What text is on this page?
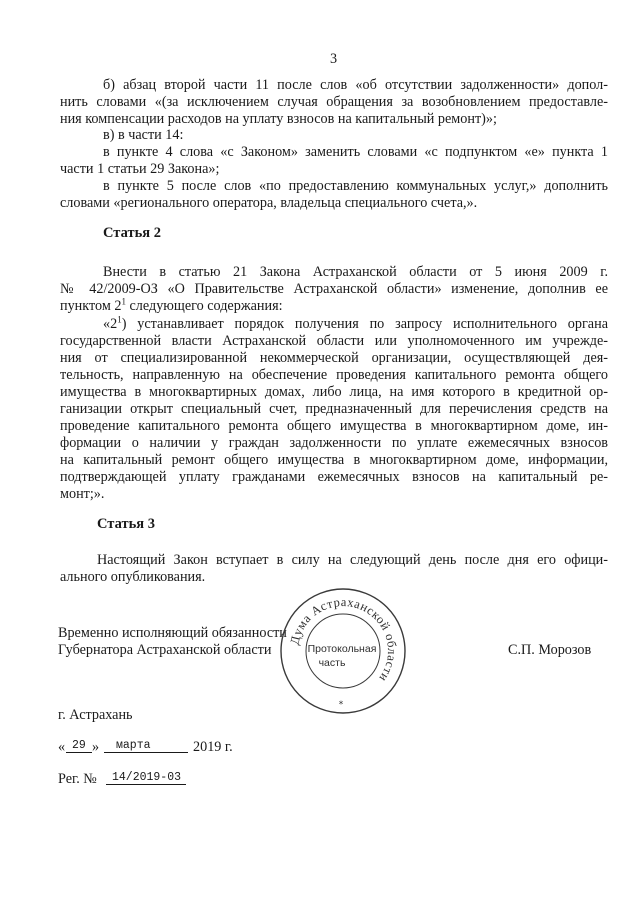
3
б) абзац второй части 11 после слов «об отсутствии задолженности» допол-
нить словами «(за исключением случая обращения за возобновлением предоставле-
ния компенсации расходов на уплату взносов на капитальный ремонт)»;
в) в части 14:
в пункте 4 слова «с Законом» заменить словами «с подпунктом «е» пункта 1
части 1 статьи 29 Закона»;
в пункте 5 после слов «по предоставлению коммунальных услуг,» дополнить
словами «регионального оператора, владельца специального счета,».
Статья 2
Внести в статью 21 Закона Астраханской области от 5 июня 2009 г.
№ 42/2009-ОЗ «О Правительстве Астраханской области» изменение, дополнив ее
пунктом $2^1$ следующего содержания:
«$2^1$) устанавливает порядок получения по запросу исполнительного органа
государственной власти Астраханской области или уполномоченного им учрежде-
ния от специализированной некоммерческой организации, осуществляющей дея-
тельность, направленную на обеспечение проведения капитального ремонта общего
имущества в многоквартирных домах, либо лица, на имя которого в кредитной ор-
ганизации открыт специальный счет, предназначенный для перечисления средств на
проведение капитального ремонта общего имущества в многоквартирном доме, ин-
формации о наличии у граждан задолженности по уплате ежемесячных взносов
на капитальный ремонт общего имущества в многоквартирном доме, информации,
подтверждающей уплату гражданами ежемесячных взносов на капитальный ре-
монт;».
Статья 3
Настоящий Закон вступает в силу на следующий день после дня его офици-
ального опубликования.
Временно исполняющий обязанности
Губернатора Астраханской области	С.П. Морозов
Дума Астраханской области
Протокольная
часть
*
г. Астрахань
« 29 » марта	2019 г.
Рег. № 14/2019-03
